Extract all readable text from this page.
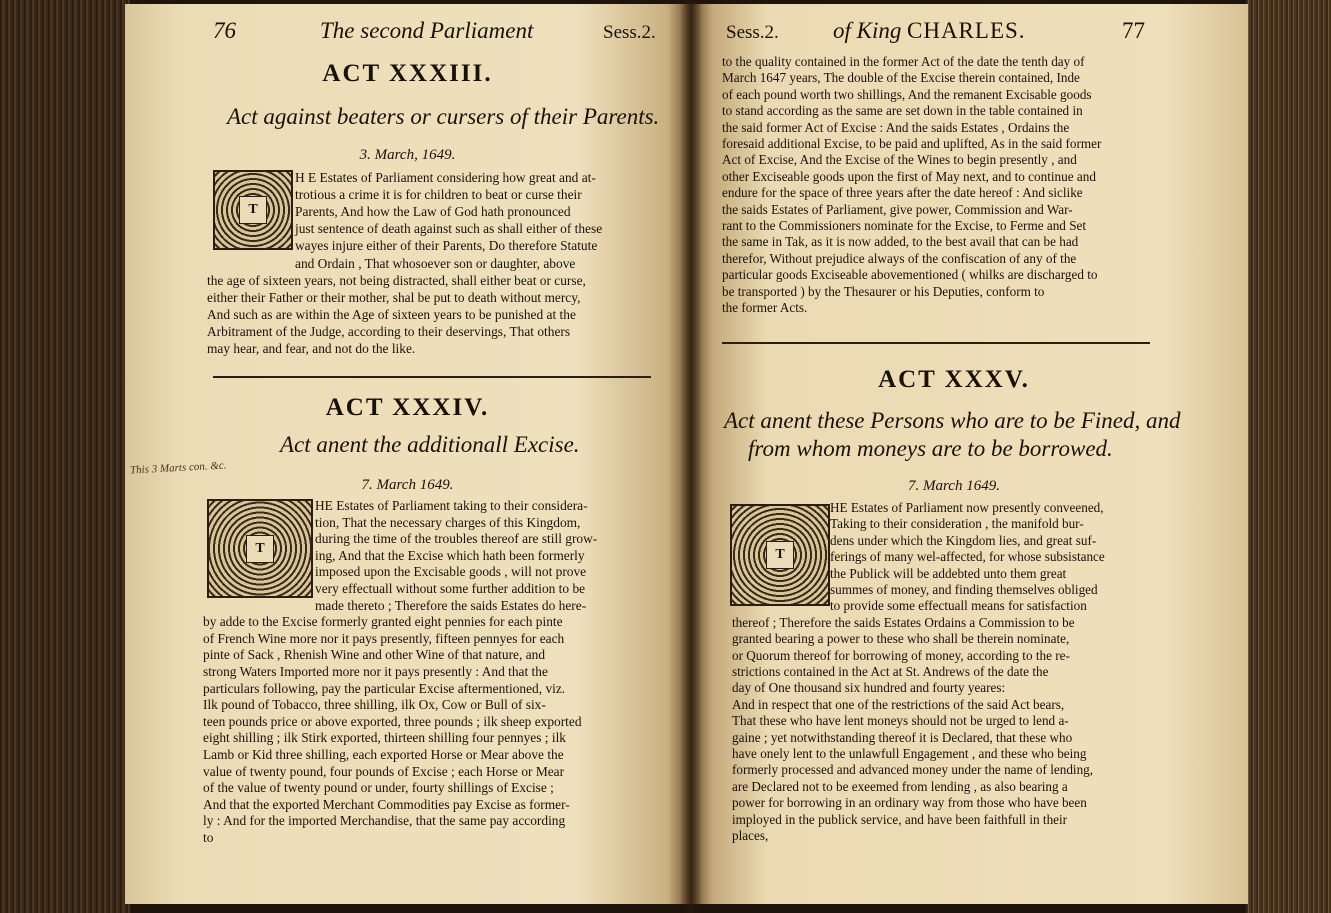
76	The second Parliament	Sess.2.
ACT XXXIII.
Act against beaters or cursers of their Parents.
3. March, 1649.
T
H E Estates of Parliament considering how great and at-
trotious a crime it is for children to beat or curse their
Parents, And how the Law of God hath pronounced
just sentence of death against such as shall either of these
wayes injure either of their Parents, Do therefore Statute
and Ordain , That whosoever son or daughter, above
the age of sixteen years, not being distracted, shall either beat or curse,
either their Father or their mother, shal be put to death without mercy,
And such as are within the Age of sixteen years to be punished at the
Arbitrament of the Judge, according to their deservings, That others
may hear, and fear, and not do the like.
ACT XXXIV.
Act anent the additionall Excise.
7. March 1649.
T
HE Estates of Parliament taking to their considera-
tion, That the necessary charges of this Kingdom,
during the time of the troubles thereof are still grow-
ing, And that the Excise which hath been formerly
imposed upon the Excisable goods , will not prove
very effectuall without some further addition to be
made thereto ; Therefore the saids Estates do here-
by adde to the Excise formerly granted eight pennies for each pinte
of French Wine more nor it pays presently, fifteen pennyes for each
pinte of Sack , Rhenish Wine and other Wine of that nature, and
strong Waters Imported more nor it pays presently : And that the
particulars following, pay the particular Excise aftermentioned, viz.
Ilk pound of Tobacco, three shilling, ilk Ox, Cow or Bull of six-
teen pounds price or above exported, three pounds ; ilk sheep exported
eight shilling ; ilk Stirk exported, thirteen shilling four pennyes ; ilk
Lamb or Kid three shilling, each exported Horse or Mear above the
value of twenty pound, four pounds of Excise ; each Horse or Mear
of the value of twenty pound or under, fourty shillings of Excise ;
And that the exported Merchant Commodities pay Excise as former-
ly : And for the imported Merchandise, that the same pay according
to
This 3 Marts con. &c.
Sess.2. of King CHARLES.	77
to the quality contained in the former Act of the date the tenth day of
March 1647 years, The double of the Excise therein contained, Inde
of each pound worth two shillings, And the remanent Excisable goods
to stand according as the same are set down in the table contained in
the said former Act of Excise : And the saids Estates , Ordains the
foresaid additional Excise, to be paid and uplifted, As in the said former
Act of Excise, And the Excise of the Wines to begin presently , and
other Exciseable goods upon the first of May next, and to continue and
endure for the space of three years after the date hereof : And siclike
the saids Estates of Parliament, give power, Commission and War-
rant to the Commissioners nominate for the Excise, to Ferme and Set
the same in Tak, as it is now added, to the best avail that can be had
therefor, Without prejudice always of the confiscation of any of the
particular goods Exciseable abovementioned ( whilks are discharged to
be transported ) by the Thesaurer or his Deputies, conform to
the former Acts.
ACT XXXV.
Act anent these Persons who are to be Fined, and
from whom moneys are to be borrowed.
7. March 1649.
T
HE Estates of Parliament now presently conveened,
Taking to their consideration , the manifold bur-
dens under which the Kingdom lies, and great suf-
ferings of many wel-affected, for whose subsistance
the Publick will be addebted unto them great
summes of money, and finding themselves obliged
to provide some effectuall means for satisfaction
thereof ; Therefore the saids Estates Ordains a Commission to be
granted bearing a power to these who shall be therein nominate,
or Quorum thereof for borrowing of money, according to the re-
strictions contained in the Act at St. Andrews of the date the
day of One thousand six hundred and fourty yeares:
And in respect that one of the restrictions of the said Act bears,
That these who have lent moneys should not be urged to lend a-
gaine ; yet notwithstanding thereof it is Declared, that these who
have onely lent to the unlawfull Engagement , and these who being
formerly processed and advanced money under the name of lending,
are Declared not to be exeemed from lending , as also bearing a
power for borrowing in an ordinary way from those who have been
imployed in the publick service, and have been faithfull in their
places,
